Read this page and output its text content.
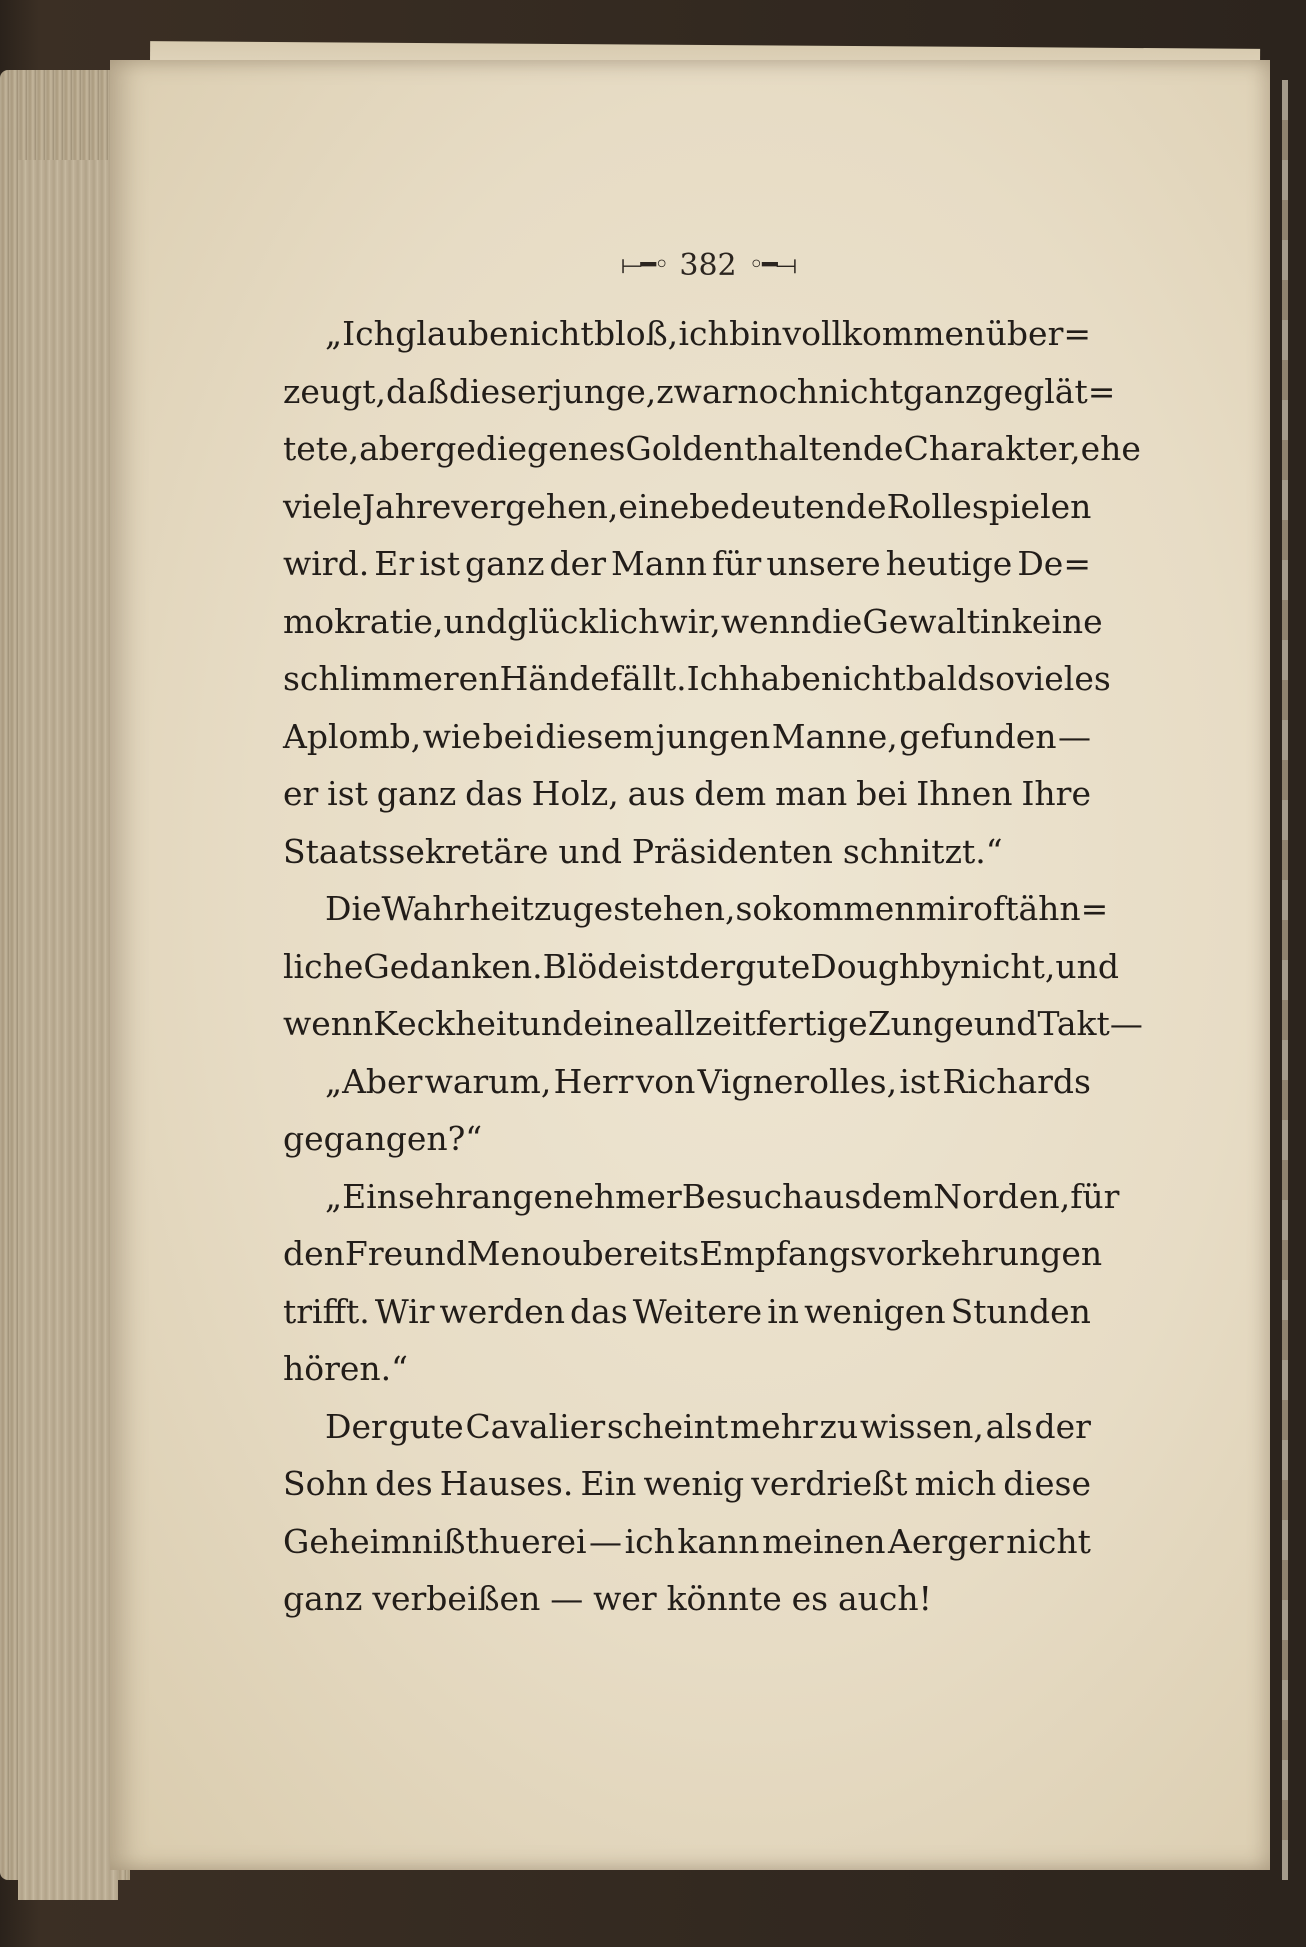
⟝━◦ 382 ◦━⟞
„Ich glaube nicht bloß, ich bin vollkommen über=
zeugt, daß dieser junge, zwar noch nicht ganz geglät=
tete, aber gediegenes Gold enthaltende Charakter, ehe
viele Jahre vergehen, eine bedeutende Rolle spielen
wird. Er ist ganz der Mann für unsere heutige De=
mokratie, und glücklich wir, wenn die Gewalt in keine
schlimmeren Hände fällt. Ich habe nicht bald so vieles
Aplomb, wie bei diesem jungen Manne, gefunden —
er ist ganz das Holz, aus dem man bei Ihnen Ihre
Staatssekretäre und Präsidenten schnitzt.“
Die Wahrheit zu gestehen, so kommen mir oft ähn=
liche Gedanken. Blöde ist der gute Doughby nicht, und
wenn Keckheit und eine allzeit fertige Zunge und Takt —
„Aber warum, Herr von Vignerolles, ist Richards
gegangen?“
„Ein sehr angenehmer Besuch aus dem Norden, für
den Freund Menou bereits Empfangsvorkehrungen
trifft. Wir werden das Weitere in wenigen Stunden
hören.“
Der gute Cavalier scheint mehr zu wissen, als der
Sohn des Hauses. Ein wenig verdrießt mich diese
Geheimnißthuerei — ich kann meinen Aerger nicht
ganz verbeißen — wer könnte es auch!
